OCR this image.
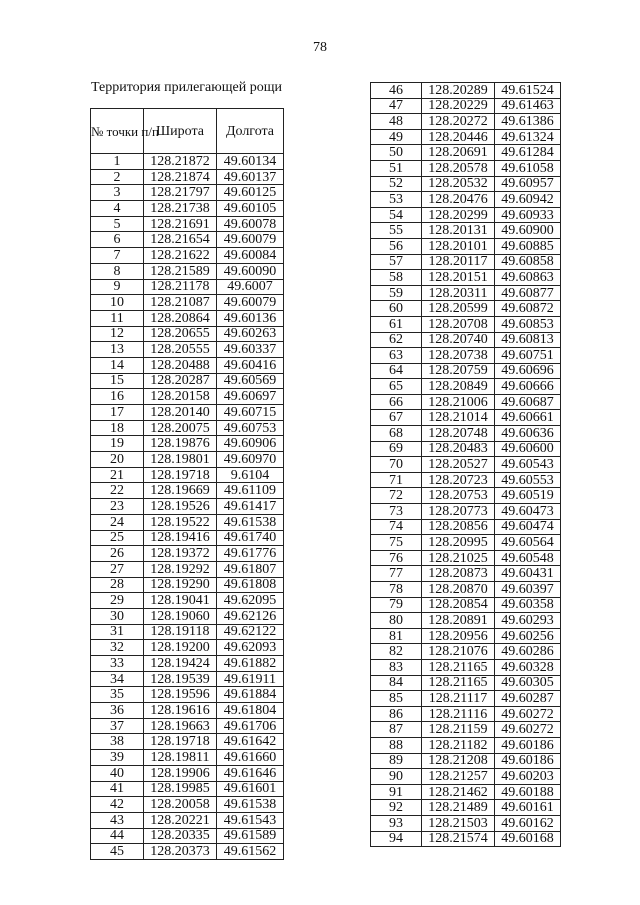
78
Территория прилегающей рощи
№ точки п/п	Широта	Долгота
1	128.21872	49.60134
2	128.21874	49.60137
3	128.21797	49.60125
4	128.21738	49.60105
5	128.21691	49.60078
6	128.21654	49.60079
7	128.21622	49.60084
8	128.21589	49.60090
9	128.21178	49.6007
10	128.21087	49.60079
11	128.20864	49.60136
12	128.20655	49.60263
13	128.20555	49.60337
14	128.20488	49.60416
15	128.20287	49.60569
16	128.20158	49.60697
17	128.20140	49.60715
18	128.20075	49.60753
19	128.19876	49.60906
20	128.19801	49.60970
21	128.19718	9.6104
22	128.19669	49.61109
23	128.19526	49.61417
24	128.19522	49.61538
25	128.19416	49.61740
26	128.19372	49.61776
27	128.19292	49.61807
28	128.19290	49.61808
29	128.19041	49.62095
30	128.19060	49.62126
31	128.19118	49.62122
32	128.19200	49.62093
33	128.19424	49.61882
34	128.19539	49.61911
35	128.19596	49.61884
36	128.19616	49.61804
37	128.19663	49.61706
38	128.19718	49.61642
39	128.19811	49.61660
40	128.19906	49.61646
41	128.19985	49.61601
42	128.20058	49.61538
43	128.20221	49.61543
44	128.20335	49.61589
45	128.20373	49.61562
46	128.20289	49.61524
47	128.20229	49.61463
48	128.20272	49.61386
49	128.20446	49.61324
50	128.20691	49.61284
51	128.20578	49.61058
52	128.20532	49.60957
53	128.20476	49.60942
54	128.20299	49.60933
55	128.20131	49.60900
56	128.20101	49.60885
57	128.20117	49.60858
58	128.20151	49.60863
59	128.20311	49.60877
60	128.20599	49.60872
61	128.20708	49.60853
62	128.20740	49.60813
63	128.20738	49.60751
64	128.20759	49.60696
65	128.20849	49.60666
66	128.21006	49.60687
67	128.21014	49.60661
68	128.20748	49.60636
69	128.20483	49.60600
70	128.20527	49.60543
71	128.20723	49.60553
72	128.20753	49.60519
73	128.20773	49.60473
74	128.20856	49.60474
75	128.20995	49.60564
76	128.21025	49.60548
77	128.20873	49.60431
78	128.20870	49.60397
79	128.20854	49.60358
80	128.20891	49.60293
81	128.20956	49.60256
82	128.21076	49.60286
83	128.21165	49.60328
84	128.21165	49.60305
85	128.21117	49.60287
86	128.21116	49.60272
87	128.21159	49.60272
88	128.21182	49.60186
89	128.21208	49.60186
90	128.21257	49.60203
91	128.21462	49.60188
92	128.21489	49.60161
93	128.21503	49.60162
94	128.21574	49.60168
